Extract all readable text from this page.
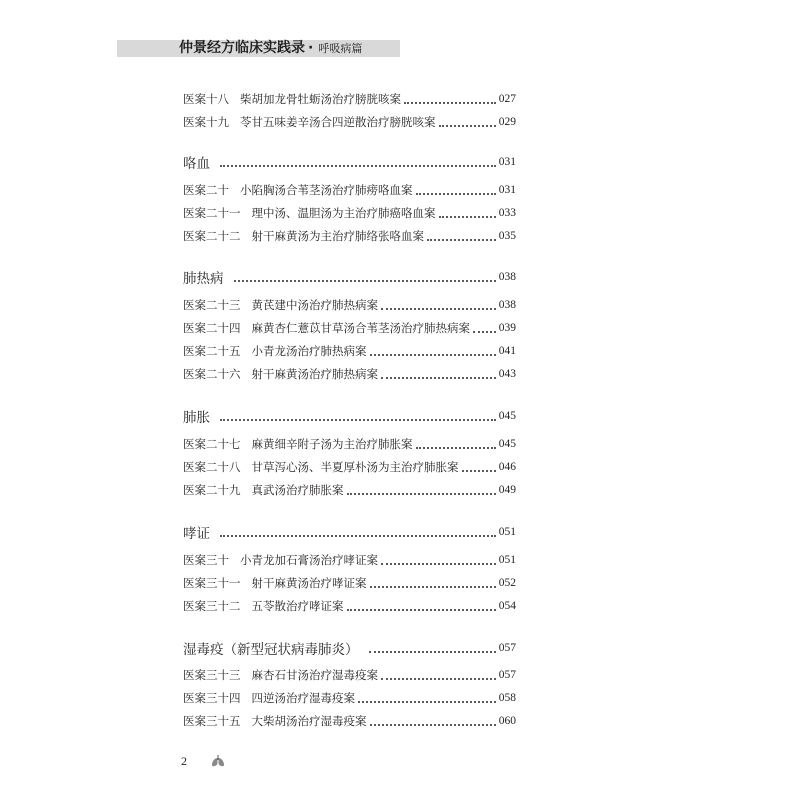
仲景经方临床实践录 · 呼吸病篇
医案十八 柴胡加龙骨牡蛎汤治疗膀胱咳案	027
医案十九 苓甘五味姜辛汤合四逆散治疗膀胱咳案	029
咯血	031
医案二十 小陷胸汤合苇茎汤治疗肺痨咯血案	031
医案二十一 理中汤、温胆汤为主治疗肺癌咯血案	033
医案二十二 射干麻黄汤为主治疗肺络张咯血案	035
肺热病	038
医案二十三 黄芪建中汤治疗肺热病案	038
医案二十四 麻黄杏仁薏苡甘草汤合苇茎汤治疗肺热病案	039
医案二十五 小青龙汤治疗肺热病案	041
医案二十六 射干麻黄汤治疗肺热病案	043
肺胀	045
医案二十七 麻黄细辛附子汤为主治疗肺胀案	045
医案二十八 甘草泻心汤、半夏厚朴汤为主治疗肺胀案	046
医案二十九 真武汤治疗肺胀案	049
哮证	051
医案三十 小青龙加石膏汤治疗哮证案	051
医案三十一 射干麻黄汤治疗哮证案	052
医案三十二 五苓散治疗哮证案	054
湿毒疫（新型冠状病毒肺炎）	057
医案三十三 麻杏石甘汤治疗湿毒疫案	057
医案三十四 四逆汤治疗湿毒疫案	058
医案三十五 大柴胡汤治疗湿毒疫案	060
2
